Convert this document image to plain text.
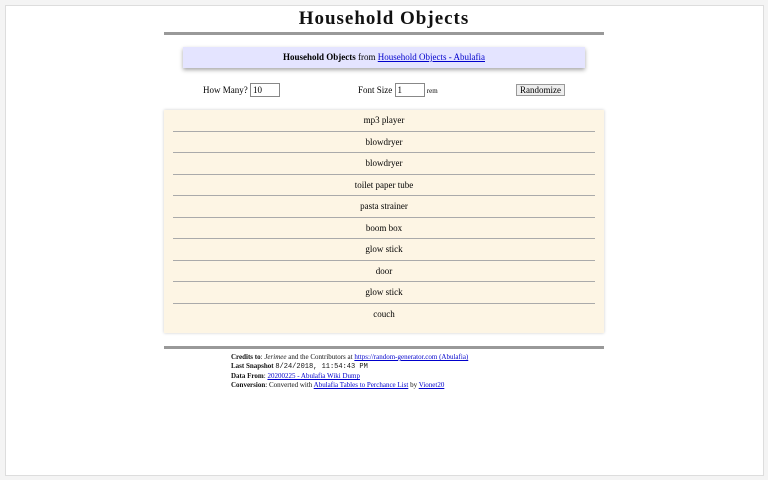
Household Objects
Household Objects from Household Objects - Abulafia
How Many? 10	Font Size 1	rem	Randomize
mp3 player
blowdryer
blowdryer
toilet paper tube
pasta strainer
boom box
glow stick
door
glow stick
couch
Credits to: Jerimee and the Contributors at https://random-generator.com (Abulafia)
Last Snapshot 8/24/2018, 11:54:43 PM
Data From: 20200225 - Abulafia Wiki Dump
Conversion: Converted with Abulafia Tables to Perchance List by Vionet20
